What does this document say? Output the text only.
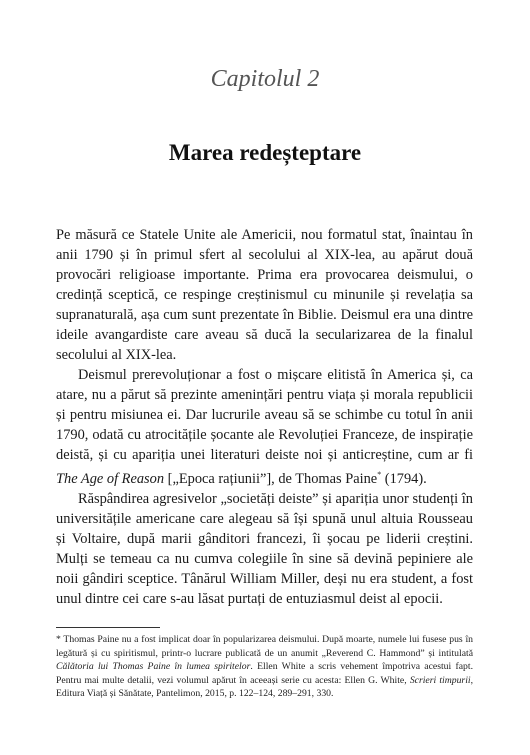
Capitolul 2
Marea redeșteptare

Pe măsură ce Statele Unite ale Americii, nou formatul stat, înaintau în anii 1790 și în primul sfert al secolului al XIX-lea, au apărut două provocări religioase importante. Prima era provocarea deismului, o credință sceptică, ce respinge creștinismul cu minunile și revelația sa supranaturală, așa cum sunt prezentate în Biblie. Deismul era una dintre ideile avangardiste care aveau să ducă la secularizarea de la finalul secolului al XIX-lea.

Deismul prerevoluționar a fost o mișcare elitistă în America și, ca atare, nu a părut să prezinte amenințări pentru viața și morala republicii și pentru misiunea ei. Dar lucrurile aveau să se schimbe cu totul în anii 1790, odată cu atrocitățile șocante ale Revoluției Franceze, de inspirație deistă, și cu apariția unei literaturi deiste noi și anticreștine, cum ar fi The Age of Reason [„Epoca rațiunii”], de Thomas Paine* (1794).

Răspândirea agresivelor „societăți deiste” și apariția unor studenți în universitățile americane care alegeau să își spună unul altuia Rousseau și Voltaire, după marii gânditori francezi, îi șocau pe liderii creștini. Mulți se temeau ca nu cumva colegiile în sine să devină pepiniere ale noii gândiri sceptice. Tânărul William Miller, deși nu era student, a fost unul dintre cei care s-au lăsat purtați de entuziasmul deist al epocii.

* Thomas Paine nu a fost implicat doar în popularizarea deismului. După moarte, numele lui fusese pus în legătură și cu spiritismul, printr-o lucrare publicată de un anumit „Reverend C. Hammond” și intitulată Călătoria lui Thomas Paine în lumea spiritelor. Ellen White a scris vehement împotriva acestui fapt. Pentru mai multe detalii, vezi volumul apărut în aceeași serie cu acesta: Ellen G. White, Scrieri timpurii, Editura Viață și Sănătate, Pantelimon, 2015, p. 122–124, 289–291, 330.
